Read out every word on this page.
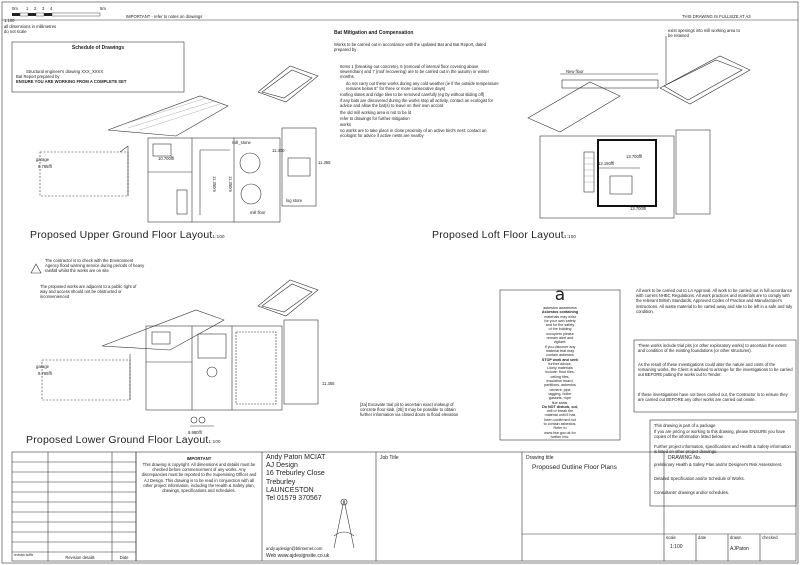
1:100
0m 1 2 3 4	5m
IMPORTANT - refer to notes on drawings	THIS DRAWING IS FULLSIZE AT A3
all dimensions in millimetres
do not scale
Schedule of Drawings
Structural engineer's drawing XXX_XXXX
Bat Report prepared by
ENSURE YOU ARE WORKING FROM A COMPLETE SET
Bat Mitigation and Compensation
Works to be carried out in accordance with the updated Bat and Bat Report, dated prepared by
Items 1 (breaking out concrete), 6 (removal of internal floor covering above sewer/drain) and 7 (roof recovering) are to be carried out in the autumn or winter months.
do not carry out these works during any cold weather (ie if the outside temperature remains below 8° for three or more consecutive days)
roofing slates and ridge tiles to be removed carefully (eg by without sliding off)
if any bats are discovered during the works stop all activity, contact an ecologist for advice and allow the bat(s) to leave on their own accord
the old mill working area is not to be lit
refer to drawings for further mitigation
works
no works are to take place in close proximity of an active bird's nest; contact an ecologist for advice if active nests are nearby
garage
9.765ffl
10.700ffl
mill_stone
11.400
mill floor
log store
11.355
11.350m	11.350m
Proposed Upper Ground Floor Layout1:100
exist openings into mill working area to be retained
New floor
13.700ffl
13.150ffl
13.700ffl
Proposed Loft Floor Layout1:100
The contractor is to check with the Environment Agency flood warning service during periods of heavy rainfall whilst the works are on site
The proposed works are adjacent to a public right of way and access should not be obstructed or inconvenienced
garage
9.765ffl
11.355
9.980ffl
Proposed Lower Ground Floor Layout1:100
[2a] Excavate trial pit to ascertain exact makeup of concrete floor slab. [2b] It may be possible to obtain further information via closed doors to flood elevation
a
asbestos awareness
Asbestos containing
materials may exist
for your own safety
and for the safety
of the building
occupiers please
remain alert and
vigilant.
If you discover any
material that may
contain asbestos
STOP work and seek
further advice.
Likely materials
include: floor tiles,
ceiling tiles,
insulation board,
partitions, asbestos
cement, pipe
lagging, boiler
gaskets, rope
flue seals.
Do NOT disturb, cut,
drill or break the
material until it has
been confirmed not
to contain asbestos.
Refer to
www.hse.gov.uk for
further info.
All work to be carried out to LA Approval. All work to be carried out in full accordance with current NHBC Regulations. All work practices and materials are to comply with the relevant British Standards, Approved Codes of Practice and Manufacturer's instructions. All waste material to be carted away and site to be left in a safe and tidy condition.
These works include trial pits (or other exploratory works) to ascertain the extent and condition of the existing foundations (or other structures).
As the result of these investigations could alter the nature and costs of the remaining works, the Client is advised to arrange for the investigations to be carried out BEFORE putting the works out to Tender.
If these investigations have not been carried out, the Contractor is to ensure they are carried out BEFORE any other works are carried out onsite.
This drawing is part of a package.
If you are pricing or working to this drawing, please ENSURE you have copies of the information listed below.
Further project information, specifications and Health & Safety information is listed on other project drawings.
preliminary Health & Safety Plan and/or Designer's Risk Assessment.
Detailed Specification and/or Schedule of Works.
Consultants' drawings and/or schedules.
revision suffix	Revision details	Date
IMPORTANT
This drawing is copyright. All dimensions and details must be checked before commencement of any works. Any discrepancies must be reported to the Supervising Officer and AJ Design. This drawing is to be read in conjunction with all other project information, including the Health & Safety plan, drawings, specifications and schedules.
Andy Paton MCIAT
AJ Design
16 Treburley Close
Treburley
LAUNCESTON
Tel 01579 370567
andy.ajdesign@btinternet.com
Web www.ajdesignsite.co.uk
Job Title	Drawing title
Proposed Outline Floor Plans
DRAWING No.
scale
1:100
date	drawn
AJPaton
checked
